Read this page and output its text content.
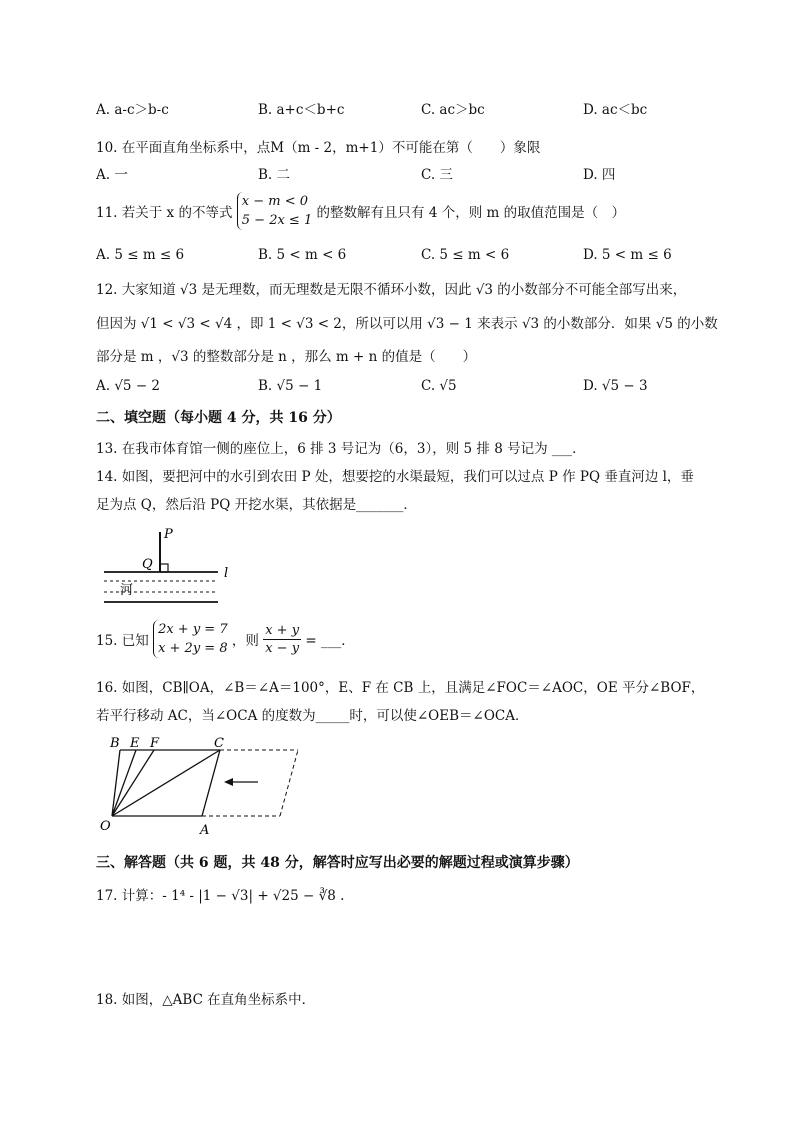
A. a-c＞b-c	B. a+c＜b+c	C. ac＞bc	D. ac＜bc
10. 在平面直角坐标系中，点M（m - 2，m+1）不可能在第（　　）象限
A. 一	B. 二	C. 三	D. 四
11. 若关于 x 的不等式
x − m < 0
5 − 2x ≤ 1 的整数解有且只有 4 个，则 m 的取值范围是（　）
A. 5 ≤ m ≤ 6	B. 5 < m < 6	C. 5 ≤ m < 6	D. 5 < m ≤ 6
12. 大家知道 √3 是无理数，而无理数是无限不循环小数，因此 √3 的小数部分不可能全部写出来，
但因为 √1 < √3 < √4 ，即 1 < √3 < 2，所以可以用 √3 − 1 来表示 √3 的小数部分．如果 √5 的小数
部分是 m ，√3 的整数部分是 n ，那么 m + n 的值是（　　）
A. √5 − 2	B. √5 − 1	C. √5	D. √5 − 3
二、填空题（每小题 4 分，共 16 分）
13. 在我市体育馆一侧的座位上，6 排 3 号记为（6，3），则 5 排 8 号记为 ___．
14. 如图，要把河中的水引到农田 P 处，想要挖的水渠最短，我们可以过点 P 作 PQ 垂直河边 l，垂
足为点 Q，然后沿 PQ 开挖水渠，其依据是_______．
P
Q
l
河
15. 已知
2x + y = 7
x + 2y = 8 ，则 $\frac{x + y}{x - y}$ = ___．
16. 如图，CB∥OA，∠B＝∠A＝100°，E、F 在 CB 上，且满足∠FOC＝∠AOC，OE 平分∠BOF，
若平行移动 AC，当∠OCA 的度数为_____时，可以使∠OEB＝∠OCA．
B E F	C
O	A
三、解答题（共 6 题，共 48 分，解答时应写出必要的解题过程或演算步骤）
17. 计算：- 1⁴ - |1 − √3| + √25 − ∛8 .
18. 如图，△ABC 在直角坐标系中．
